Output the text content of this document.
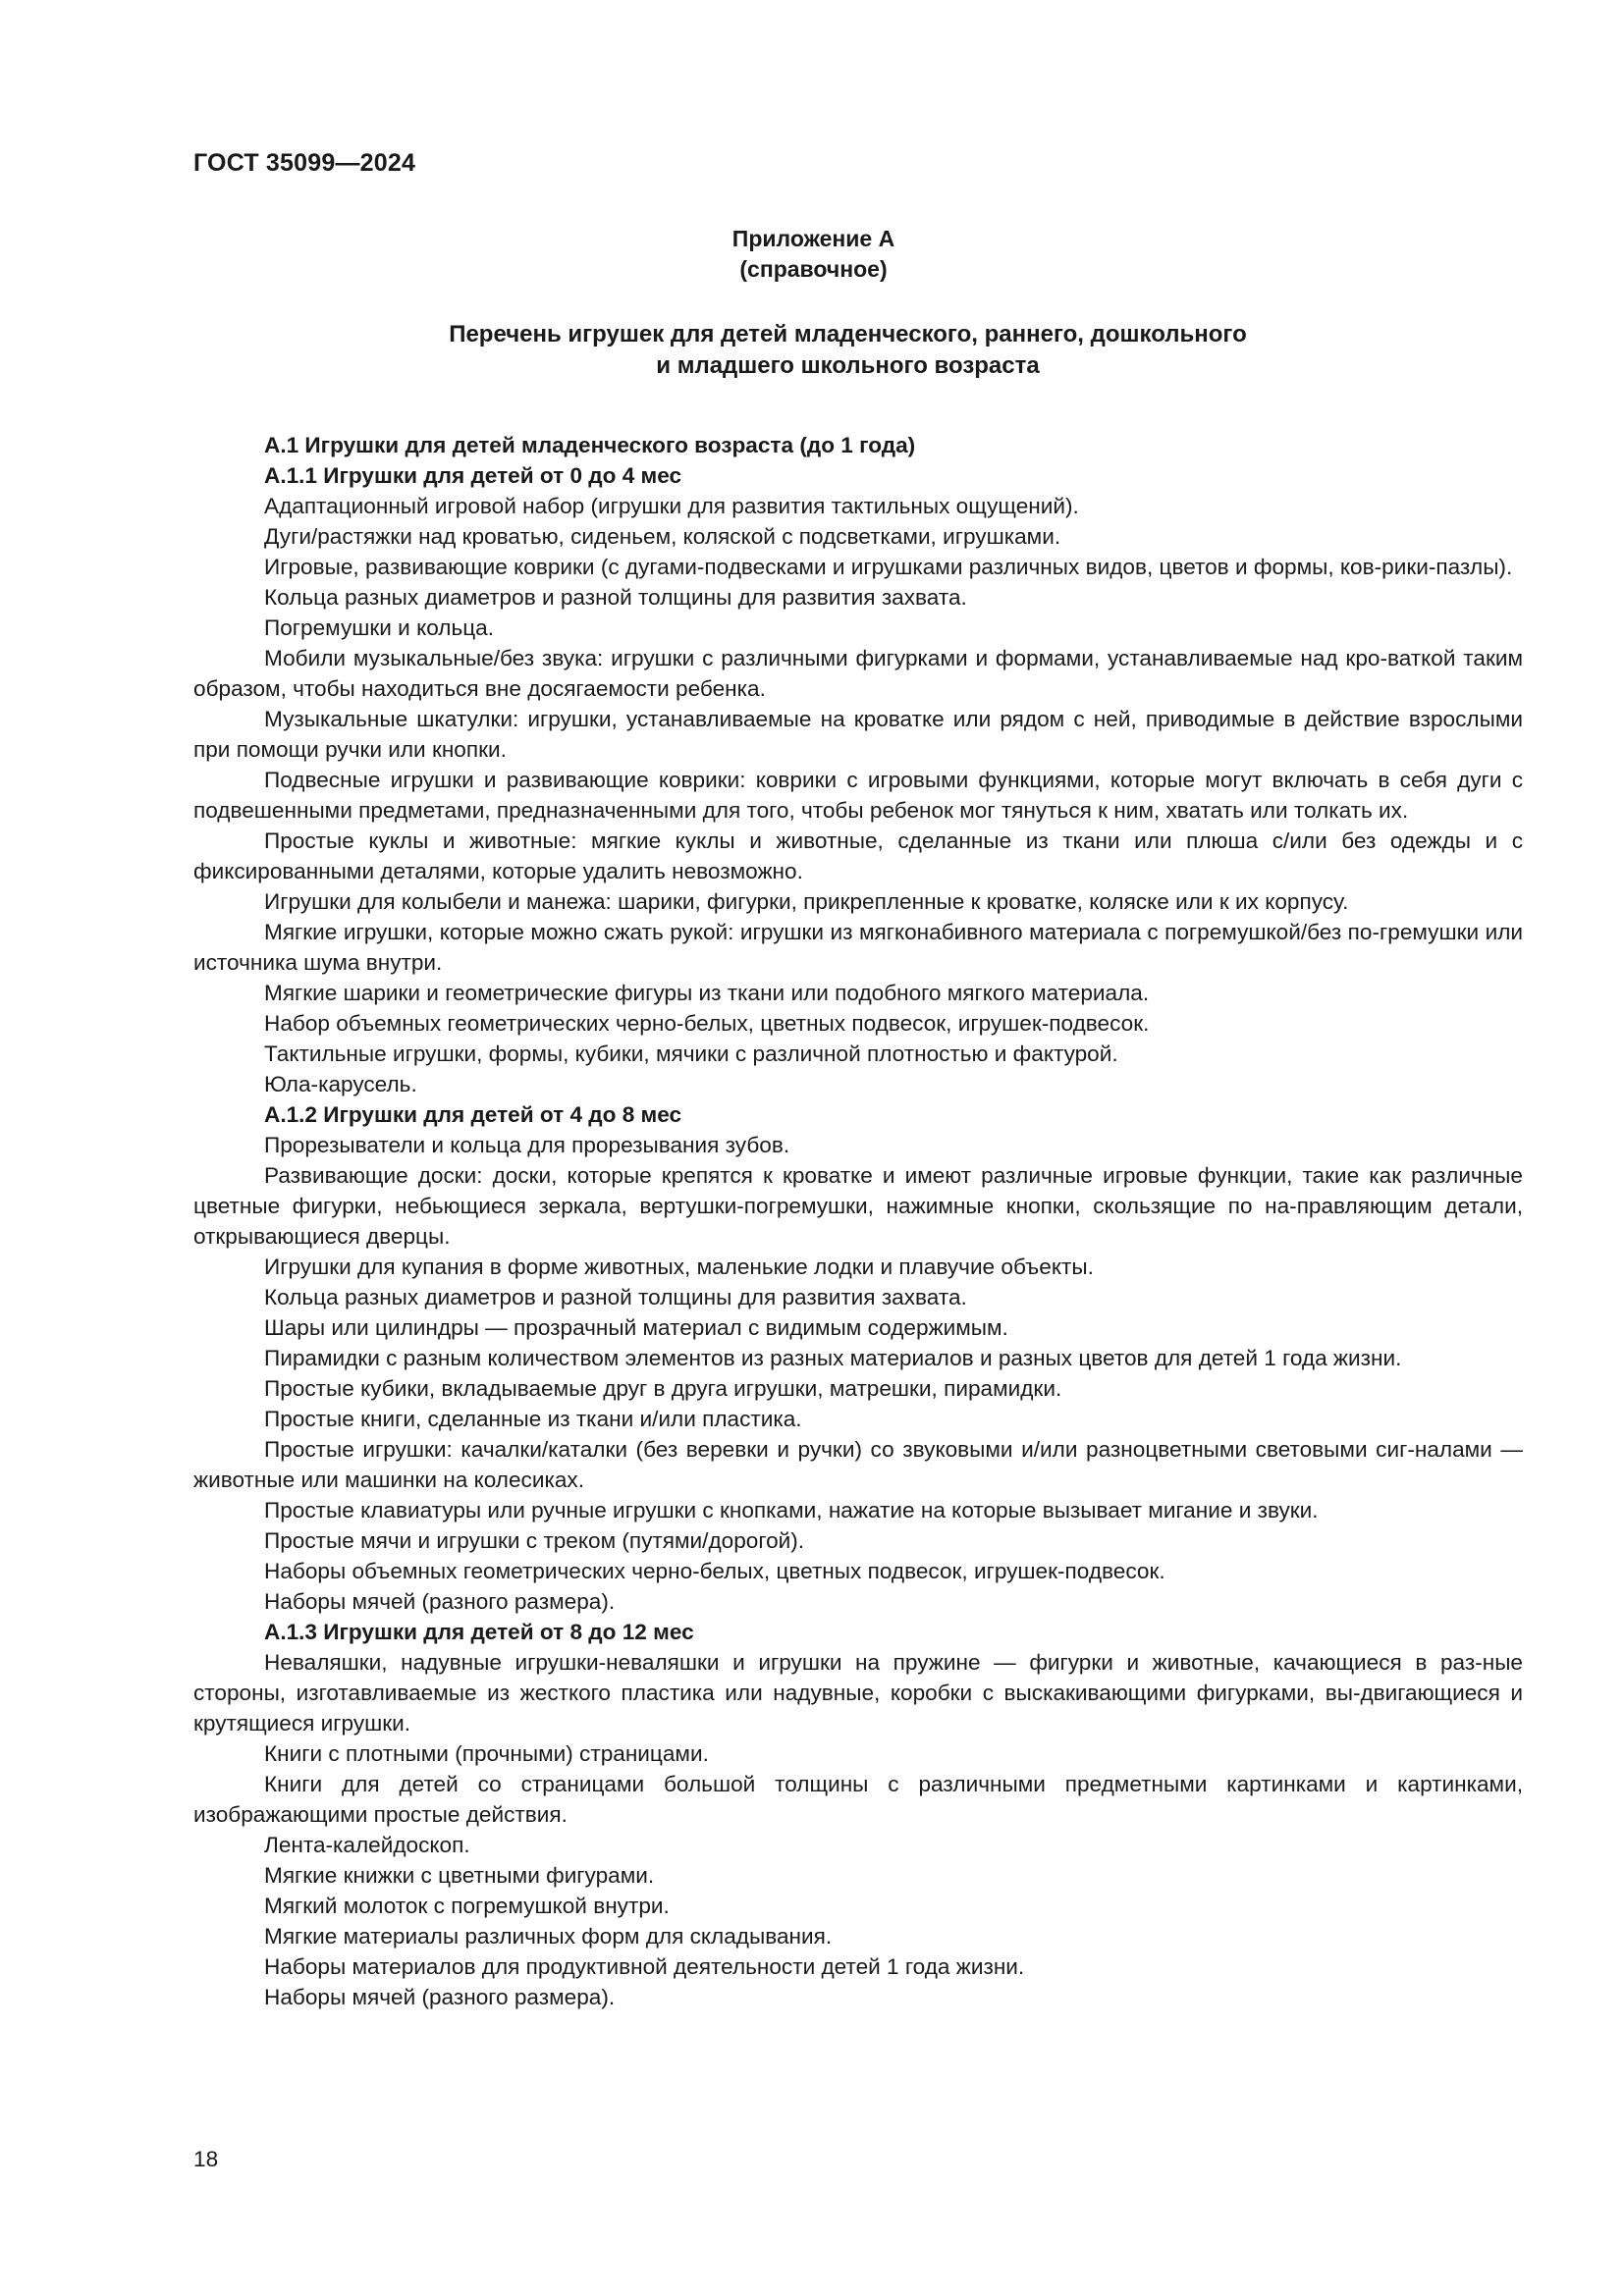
ГОСТ 35099—2024
Приложение А
(справочное)
Перечень игрушек для детей младенческого, раннего, дошкольного
и младшего школьного возраста

А.1 Игрушки для детей младенческого возраста (до 1 года)

А.1.1 Игрушки для детей от 0 до 4 мес

Адаптационный игровой набор (игрушки для развития тактильных ощущений).

Дуги/растяжки над кроватью, сиденьем, коляской с подсветками, игрушками.

Игровые, развивающие коврики (с дугами-подвесками и игрушками различных видов, цветов и формы, ков-рики-пазлы).

Кольца разных диаметров и разной толщины для развития захвата.

Погремушки и кольца.

Мобили музыкальные/без звука: игрушки с различными фигурками и формами, устанавливаемые над кро-ваткой таким образом, чтобы находиться вне досягаемости ребенка.

Музыкальные шкатулки: игрушки, устанавливаемые на кроватке или рядом с ней, приводимые в действие взрослыми при помощи ручки или кнопки.

Подвесные игрушки и развивающие коврики: коврики с игровыми функциями, которые могут включать в себя дуги с подвешенными предметами, предназначенными для того, чтобы ребенок мог тянуться к ним, хватать или толкать их.

Простые куклы и животные: мягкие куклы и животные, сделанные из ткани или плюша с/или без одежды и с фиксированными деталями, которые удалить невозможно.

Игрушки для колыбели и манежа: шарики, фигурки, прикрепленные к кроватке, коляске или к их корпусу.

Мягкие игрушки, которые можно сжать рукой: игрушки из мягконабивного материала с погремушкой/без по-гремушки или источника шума внутри.

Мягкие шарики и геометрические фигуры из ткани или подобного мягкого материала.

Набор объемных геометрических черно-белых, цветных подвесок, игрушек-подвесок.

Тактильные игрушки, формы, кубики, мячики с различной плотностью и фактурой.

Юла-карусель.

А.1.2 Игрушки для детей от 4 до 8 мес

Прорезыватели и кольца для прорезывания зубов.

Развивающие доски: доски, которые крепятся к кроватке и имеют различные игровые функции, такие как различные цветные фигурки, небьющиеся зеркала, вертушки-погремушки, нажимные кнопки, скользящие по на-правляющим детали, открывающиеся дверцы.

Игрушки для купания в форме животных, маленькие лодки и плавучие объекты.

Кольца разных диаметров и разной толщины для развития захвата.

Шары или цилиндры — прозрачный материал с видимым содержимым.

Пирамидки с разным количеством элементов из разных материалов и разных цветов для детей 1 года жизни.

Простые кубики, вкладываемые друг в друга игрушки, матрешки, пирамидки.

Простые книги, сделанные из ткани и/или пластика.

Простые игрушки: качалки/каталки (без веревки и ручки) со звуковыми и/или разноцветными световыми сиг-налами — животные или машинки на колесиках.

Простые клавиатуры или ручные игрушки с кнопками, нажатие на которые вызывает мигание и звуки.

Простые мячи и игрушки с треком (путями/дорогой).

Наборы объемных геометрических черно-белых, цветных подвесок, игрушек-подвесок.

Наборы мячей (разного размера).

А.1.3 Игрушки для детей от 8 до 12 мес

Неваляшки, надувные игрушки-неваляшки и игрушки на пружине — фигурки и животные, качающиеся в раз-ные стороны, изготавливаемые из жесткого пластика или надувные, коробки с выскакивающими фигурками, вы-двигающиеся и крутящиеся игрушки.

Книги с плотными (прочными) страницами.

Книги для детей со страницами большой толщины с различными предметными картинками и картинками, изображающими простые действия.

Лента-калейдоскоп.

Мягкие книжки с цветными фигурами.

Мягкий молоток с погремушкой внутри.

Мягкие материалы различных форм для складывания.

Наборы материалов для продуктивной деятельности детей 1 года жизни.

Наборы мячей (разного размера).

18
